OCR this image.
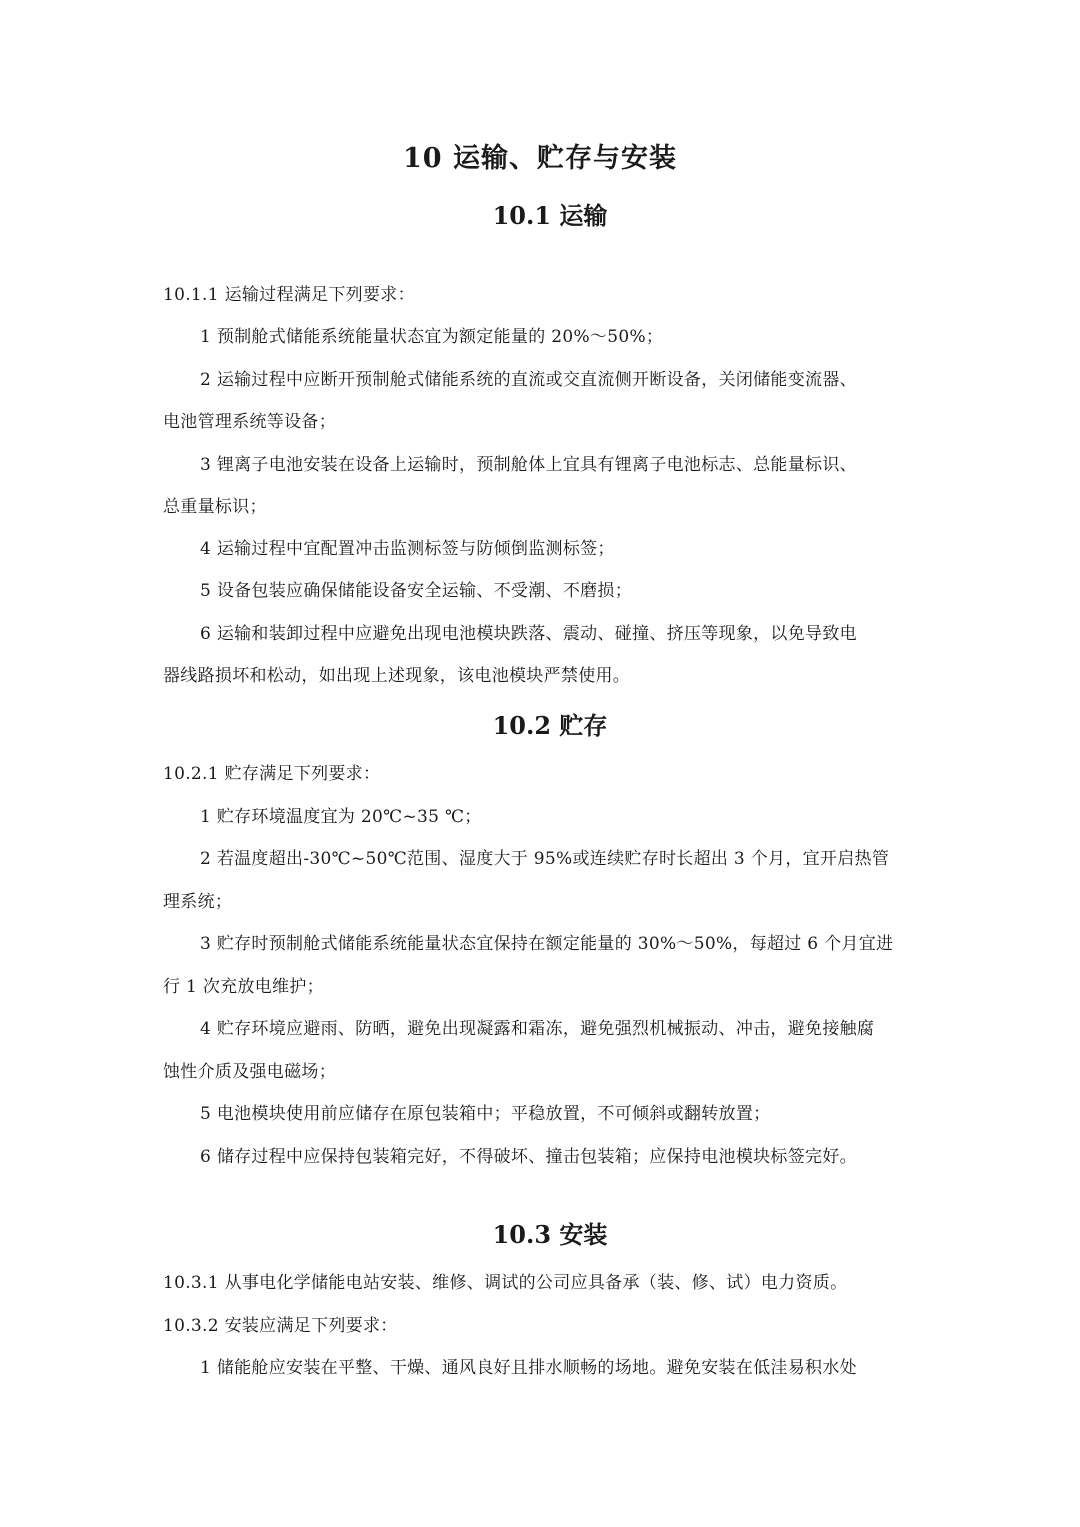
10 运输、贮存与安装
10.1 运输
10.1.1 运输过程满足下列要求：
1 预制舱式储能系统能量状态宜为额定能量的 20%～50%；
2 运输过程中应断开预制舱式储能系统的直流或交直流侧开断设备，关闭储能变流器、
电池管理系统等设备；
3 锂离子电池安装在设备上运输时，预制舱体上宜具有锂离子电池标志、总能量标识、
总重量标识；
4 运输过程中宜配置冲击监测标签与防倾倒监测标签；
5 设备包装应确保储能设备安全运输、不受潮、不磨损；
6 运输和装卸过程中应避免出现电池模块跌落、震动、碰撞、挤压等现象，以免导致电
器线路损坏和松动，如出现上述现象，该电池模块严禁使用。
10.2 贮存
10.2.1 贮存满足下列要求：
1 贮存环境温度宜为 20℃~35 ℃；
2 若温度超出-30℃~50℃范围、湿度大于 95%或连续贮存时长超出 3 个月，宜开启热管
理系统；
3 贮存时预制舱式储能系统能量状态宜保持在额定能量的 30%～50%，每超过 6 个月宜进
行 1 次充放电维护；
4 贮存环境应避雨、防晒，避免出现凝露和霜冻，避免强烈机械振动、冲击，避免接触腐
蚀性介质及强电磁场；
5 电池模块使用前应储存在原包装箱中；平稳放置，不可倾斜或翻转放置；
6 储存过程中应保持包装箱完好，不得破坏、撞击包装箱；应保持电池模块标签完好。
10.3 安装
10.3.1 从事电化学储能电站安装、维修、调试的公司应具备承（装、修、试）电力资质。
10.3.2 安装应满足下列要求：
1 储能舱应安装在平整、干燥、通风良好且排水顺畅的场地。避免安装在低洼易积水处
